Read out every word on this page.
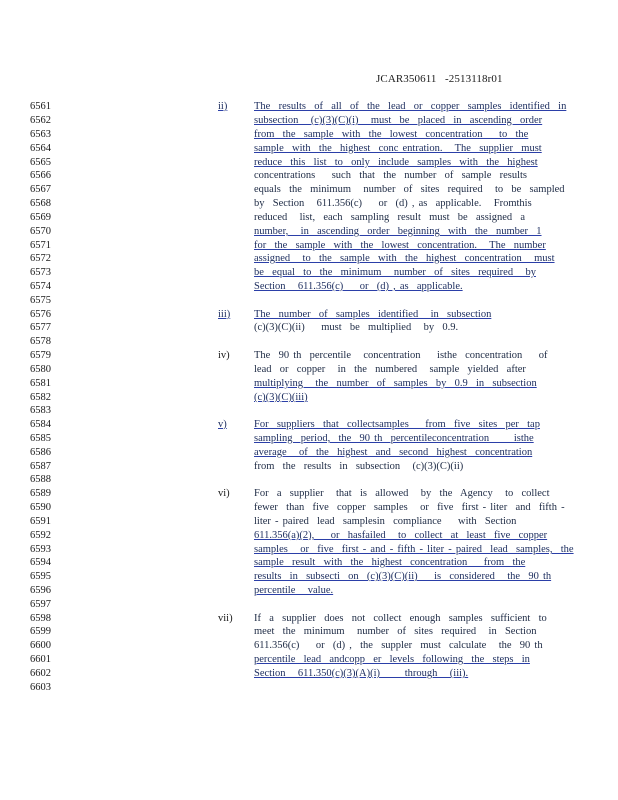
JCAR350611   -2513118r01
6561
6562
6563
6564
6565
6566
6567
6568
6569
6570
6571
6572
6573
6574
6575
6576
6577
6578
6579
6580
6581
6582
6583
6584
6585
6586
6587
6588
6589
6590
6591
6592
6593
6594
6595
6596
6597
6598
6599
6600
6601
6602
6603
ii)	The  results  of  all  of  the  lead  or  copper  samples  identified  in
subsection   (c)(3)(C)(i)   must  be  placed  in  ascending  order
from  the  sample  with  the  lowest  concentration    to  the
sample  with  the  highest  conc entration.   The  supplier  must
reduce  this  list  to  only  include  samples  with  the  highest
concentrations    such  that  the  number  of  sample  results
equals  the  minimum   number  of  sites  required   to  be  sampled
by  Section   611.356(c)    or  (d) , as  applicable.   Fromthis
reduced   list,  each  sampling  result  must  be  assigned  a
number,   in  ascending  order  beginning  with  the  number  1
for  the  sample  with  the  lowest  concentration.   The  number
assigned   to  the  sample  with  the  highest  concentration   must
be  equal  to  the  minimum   number  of  sites  required   by
Section   611.356(c)    or  (d) , as  applicable.
iii) The  number  of  samples  identified   in  subsection
(c)(3)(C)(ii)    must  be  multiplied   by  0.9.
iv) The  90 th  percentile   concentration    isthe  concentration    of
lead  or  copper   in  the  numbered   sample  yielded  after
multiplying   the  number  of  samples  by  0.9  in  subsection
(c)(3)(C)(iii)
v)	For  suppliers  that  collectsamples    from  five  sites  per  tap
sampling  period,  the  90 th  percentileconcentration      isthe
average   of  the  highest  and  second  highest  concentration
from  the  results  in  subsection   (c)(3)(C)(ii)
vi) For  a  supplier   that  is  allowed   by  the  Agency   to  collect
fewer  than  five  copper  samples   or  five  first - liter  and  fifth -
liter - paired  lead  samplesin  compliance    with  Section
611.356(a)(2),    or  hasfailed   to  collect  at  least  five  copper
samples   or  five  first - and - fifth - liter - paired  lead  samples,  the
sample  result  with  the  highest  concentration    from  the
results  in  subsecti  on  (c)(3)(C)(ii)    is  considered   the  90 th
percentile   value.
vii) If  a  supplier  does  not  collect  enough  samples  sufficient  to
meet  the  minimum   number  of  sites  required   in  Section
611.356(c)    or  (d) ,  the  suppler  must  calculate   the  90 th
percentile  lead  andcopp  er  levels  following  the  steps  in
Section   611.350(c)(3)(A)(i)      through   (iii).
